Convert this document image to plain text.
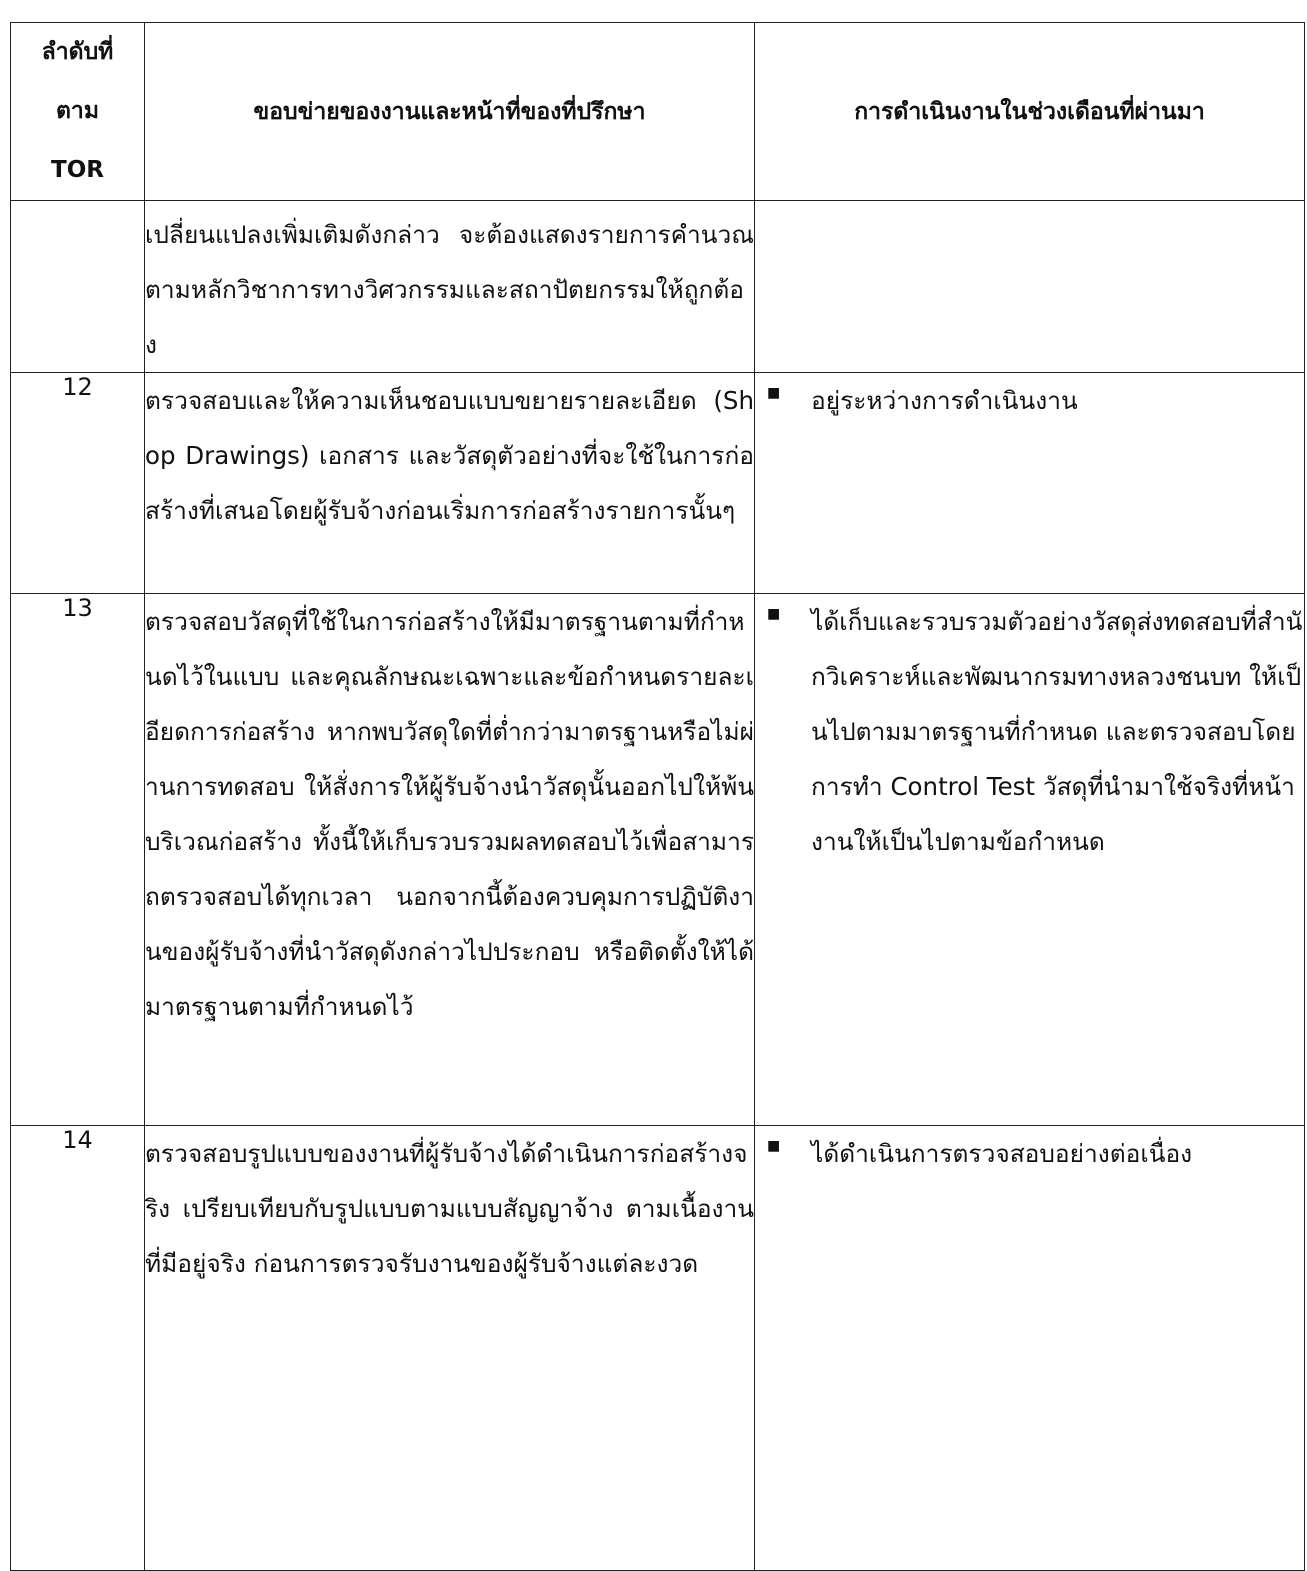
ลำดับที่
ตาม
TOR	ขอบข่ายของงานและหน้าที่ของที่ปรึกษา	การดำเนินงานในช่วงเดือนที่ผ่านมา
	เปลี่ยนแปลงเพิ่มเติมดังกล่าว จะต้องแสดงรายการคำนวณตามหลักวิชาการทางวิศวกรรมและสถาปัตยกรรมให้ถูกต้อง	
12	ตรวจสอบและให้ความเห็นชอบแบบขยายรายละเอียด (Shop Drawings) เอกสาร และวัสดุตัวอย่างที่จะใช้ในการก่อสร้างที่เสนอโดยผู้รับจ้างก่อนเริ่มการก่อสร้างรายการนั้นๆ	■ อยู่ระหว่างการดำเนินงาน

13	ตรวจสอบวัสดุที่ใช้ในการก่อสร้างให้มีมาตรฐานตามที่กำหนดไว้ในแบบ และคุณลักษณะเฉพาะและข้อกำหนดรายละเอียดการก่อสร้าง หากพบวัสดุใดที่ต่ำกว่ามาตรฐานหรือไม่ผ่านการทดสอบ ให้สั่งการให้ผู้รับจ้างนำวัสดุนั้นออกไปให้พ้นบริเวณก่อสร้าง ทั้งนี้ให้เก็บรวบรวมผลทดสอบไว้เพื่อสามารถตรวจสอบได้ทุกเวลา นอกจากนี้ต้องควบคุมการปฏิบัติงานของผู้รับจ้างที่นำวัสดุดังกล่าวไปประกอบ หรือติดตั้งให้ได้มาตรฐานตามที่กำหนดไว้	■ ได้เก็บและรวบรวมตัวอย่างวัสดุส่งทดสอบที่สำนักวิเคราะห์และพัฒนากรมทางหลวงชนบท ให้เป็นไปตามมาตรฐานที่กำหนด และตรวจสอบโดยการทำ Control Test วัสดุที่นำมาใช้จริงที่หน้างานให้เป็นไปตามข้อกำหนด

14	ตรวจสอบรูปแบบของงานที่ผู้รับจ้างได้ดำเนินการก่อสร้างจริง เปรียบเทียบกับรูปแบบตามแบบสัญญาจ้าง ตามเนื้องานที่มีอยู่จริง ก่อนการตรวจรับงานของผู้รับจ้างแต่ละงวด	■ ได้ดำเนินการตรวจสอบอย่างต่อเนื่อง
